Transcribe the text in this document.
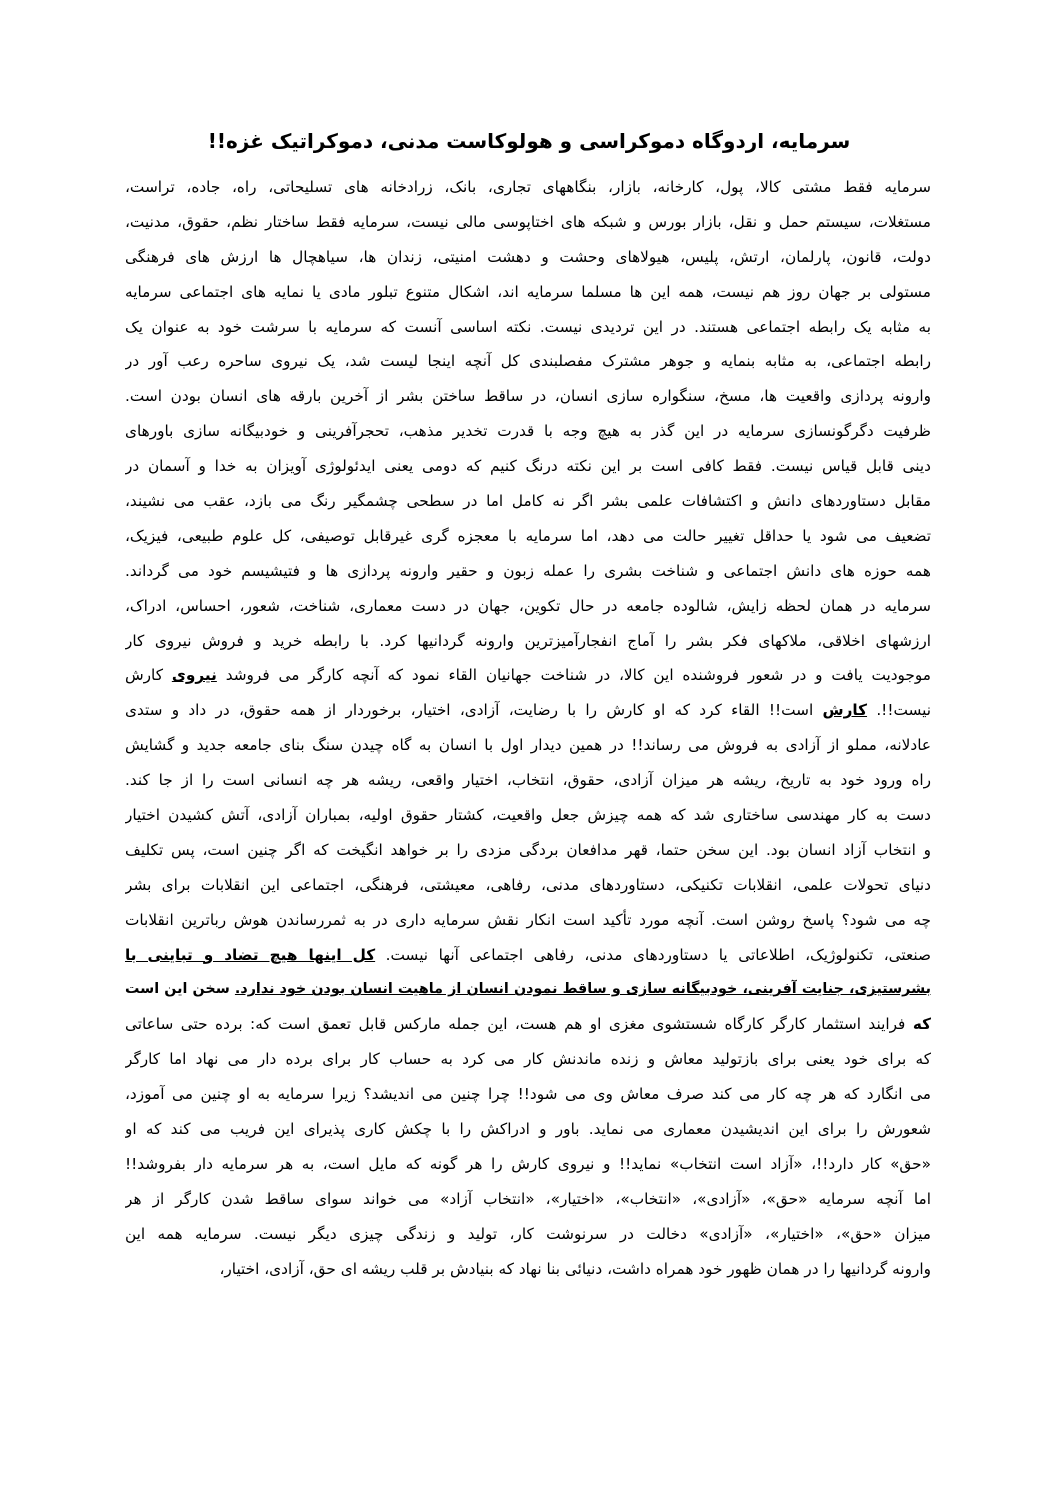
سرمایه، اردوگاه دموکراسی و هولوکاست مدنی، دموکراتیک غزه!!
سرمایه فقط مشتی کالا، پول، کارخانه، بازار، بنگاههای تجاری، بانک، زرادخانه های تسلیحاتی، راه، جاده، تراست،
مستغلات، سیستم حمل و نقل، بازار بورس و شبکه های اختاپوسی مالی نیست، سرمایه فقط ساختار نظم، حقوق، مدنیت،
دولت، قانون، پارلمان، ارتش، پلیس، هیولاهای وحشت و دهشت امنیتی، زندان ها، سیاهچال ها ارزش های فرهنگی
مستولی بر جهان روز هم نیست، همه این ها مسلما سرمایه اند، اشکال متنوع تبلور مادی یا نمایه های اجتماعی سرمایه
به مثابه یک رابطه اجتماعی هستند. در این تردیدی نیست. نکته اساسی آنست که سرمایه با سرشت خود به عنوان یک
رابطه اجتماعی، به مثابه بنمایه و جوهر مشترک مفصلبندی کل آنچه اینجا لیست شد، یک نیروی ساحره رعب آور در
وارونه پردازی واقعیت ها، مسخ، سنگواره سازی انسان، در ساقط ساختن بشر از آخرین بارقه های انسان بودن است.
ظرفیت دگرگونسازی سرمایه در این گذر به هیچ وجه با قدرت تخدیر مذهب، تحجرآفرینی و خودبیگانه سازی باورهای
دینی قابل قیاس نیست. فقط کافی است بر این نکته درنگ کنیم که دومی یعنی ایدئولوژی آویزان به خدا و آسمان در
مقابل دستاوردهای دانش و اکتشافات علمی بشر اگر نه کامل اما در سطحی چشمگیر رنگ می بازد، عقب می نشیند،
تضعیف می شود یا حداقل تغییر حالت می دهد، اما سرمایه با معجزه گری غیرقابل توصیفی، کل علوم طبیعی، فیزیک،
همه حوزه های دانش اجتماعی و شناخت بشری را عمله زبون و حقیر وارونه پردازی ها و فتیشیسم خود می گرداند.
سرمایه در همان لحظه زایش، شالوده جامعه در حال تکوین، جهان در دست معماری، شناخت، شعور، احساس، ادراک،
ارزشهای اخلاقی، ملاکهای فکر بشر را آماج انفجارآمیزترین وارونه گردانیها کرد. با رابطه خرید و فروش نیروی کار
موجودیت یافت و در شعور فروشنده این کالا، در شناخت جهانیان القاء نمود که آنچه کارگر می فروشد نیروی کارش
نیست!!. کارش است!! القاء کرد که او کارش را با رضایت، آزادی، اختیار، برخوردار از همه حقوق، در داد و ستدی
عادلانه، مملو از آزادی به فروش می رساند!! در همین دیدار اول با انسان به گاه چیدن سنگ بنای جامعه جدید و گشایش
راه ورود خود به تاریخ، ریشه هر میزان آزادی، حقوق، انتخاب، اختیار واقعی، ریشه هر چه انسانی است را از جا کند.
دست به کار مهندسی ساختاری شد که همه چیزش جعل واقعیت، کشتار حقوق اولیه، بمباران آزادی، آتش کشیدن اختیار
و انتخاب آزاد انسان بود. این سخن حتما، قهر مدافعان بردگی مزدی را بر خواهد انگیخت که اگر چنین است، پس تکلیف
دنیای تحولات علمی، انقلابات تکنیکی، دستاوردهای مدنی، رفاهی، معیشتی، فرهنگی، اجتماعی این انقلابات برای بشر
چه می شود؟ پاسخ روشن است. آنچه مورد تأکید است انکار نقش سرمایه داری در به ثمررساندن هوش رباترین انقلابات
صنعتی، تکنولوژیک، اطلاعاتی یا دستاوردهای مدنی، رفاهی اجتماعی آنها نیست. کل اینها هیچ تضاد و تباینی با
بشرستیزی، جنایت آفرینی، خودبیگانه سازی و ساقط نمودن انسان از ماهیت انسان بودن خود ندارد. سخن این است
که فرایند استثمار کارگر کارگاه شستشوی مغزی او هم هست، این جمله مارکس قابل تعمق است که: برده حتی ساعاتی
که برای خود یعنی برای بازتولید معاش و زنده ماندنش کار می کرد به حساب کار برای برده دار می نهاد اما کارگر
می انگارد که هر چه کار می کند صرف معاش وی می شود!! چرا چنین می اندیشد؟ زیرا سرمایه به او چنین می آموزد،
شعورش را برای این اندیشیدن معماری می نماید. باور و ادراکش را با چکش کاری پذیرای این فریب می کند که او
«حق» کار دارد!!، «آزاد است انتخاب» نماید!! و نیروی کارش را هر گونه که مایل است، به هر سرمایه دار بفروشد!!
اما آنچه سرمایه «حق»، «آزادی»، «انتخاب»، «اختیار»، «انتخاب آزاد» می خواند سوای ساقط شدن کارگر از هر
میزان «حق»، «اختیار»، «آزادی» دخالت در سرنوشت کار، تولید و زندگی چیزی دیگر نیست. سرمایه همه این
وارونه گردانیها را در همان ظهور خود همراه داشت، دنیائی بنا نهاد که بنیادش بر قلب ریشه ای حق، آزادی، اختیار،
